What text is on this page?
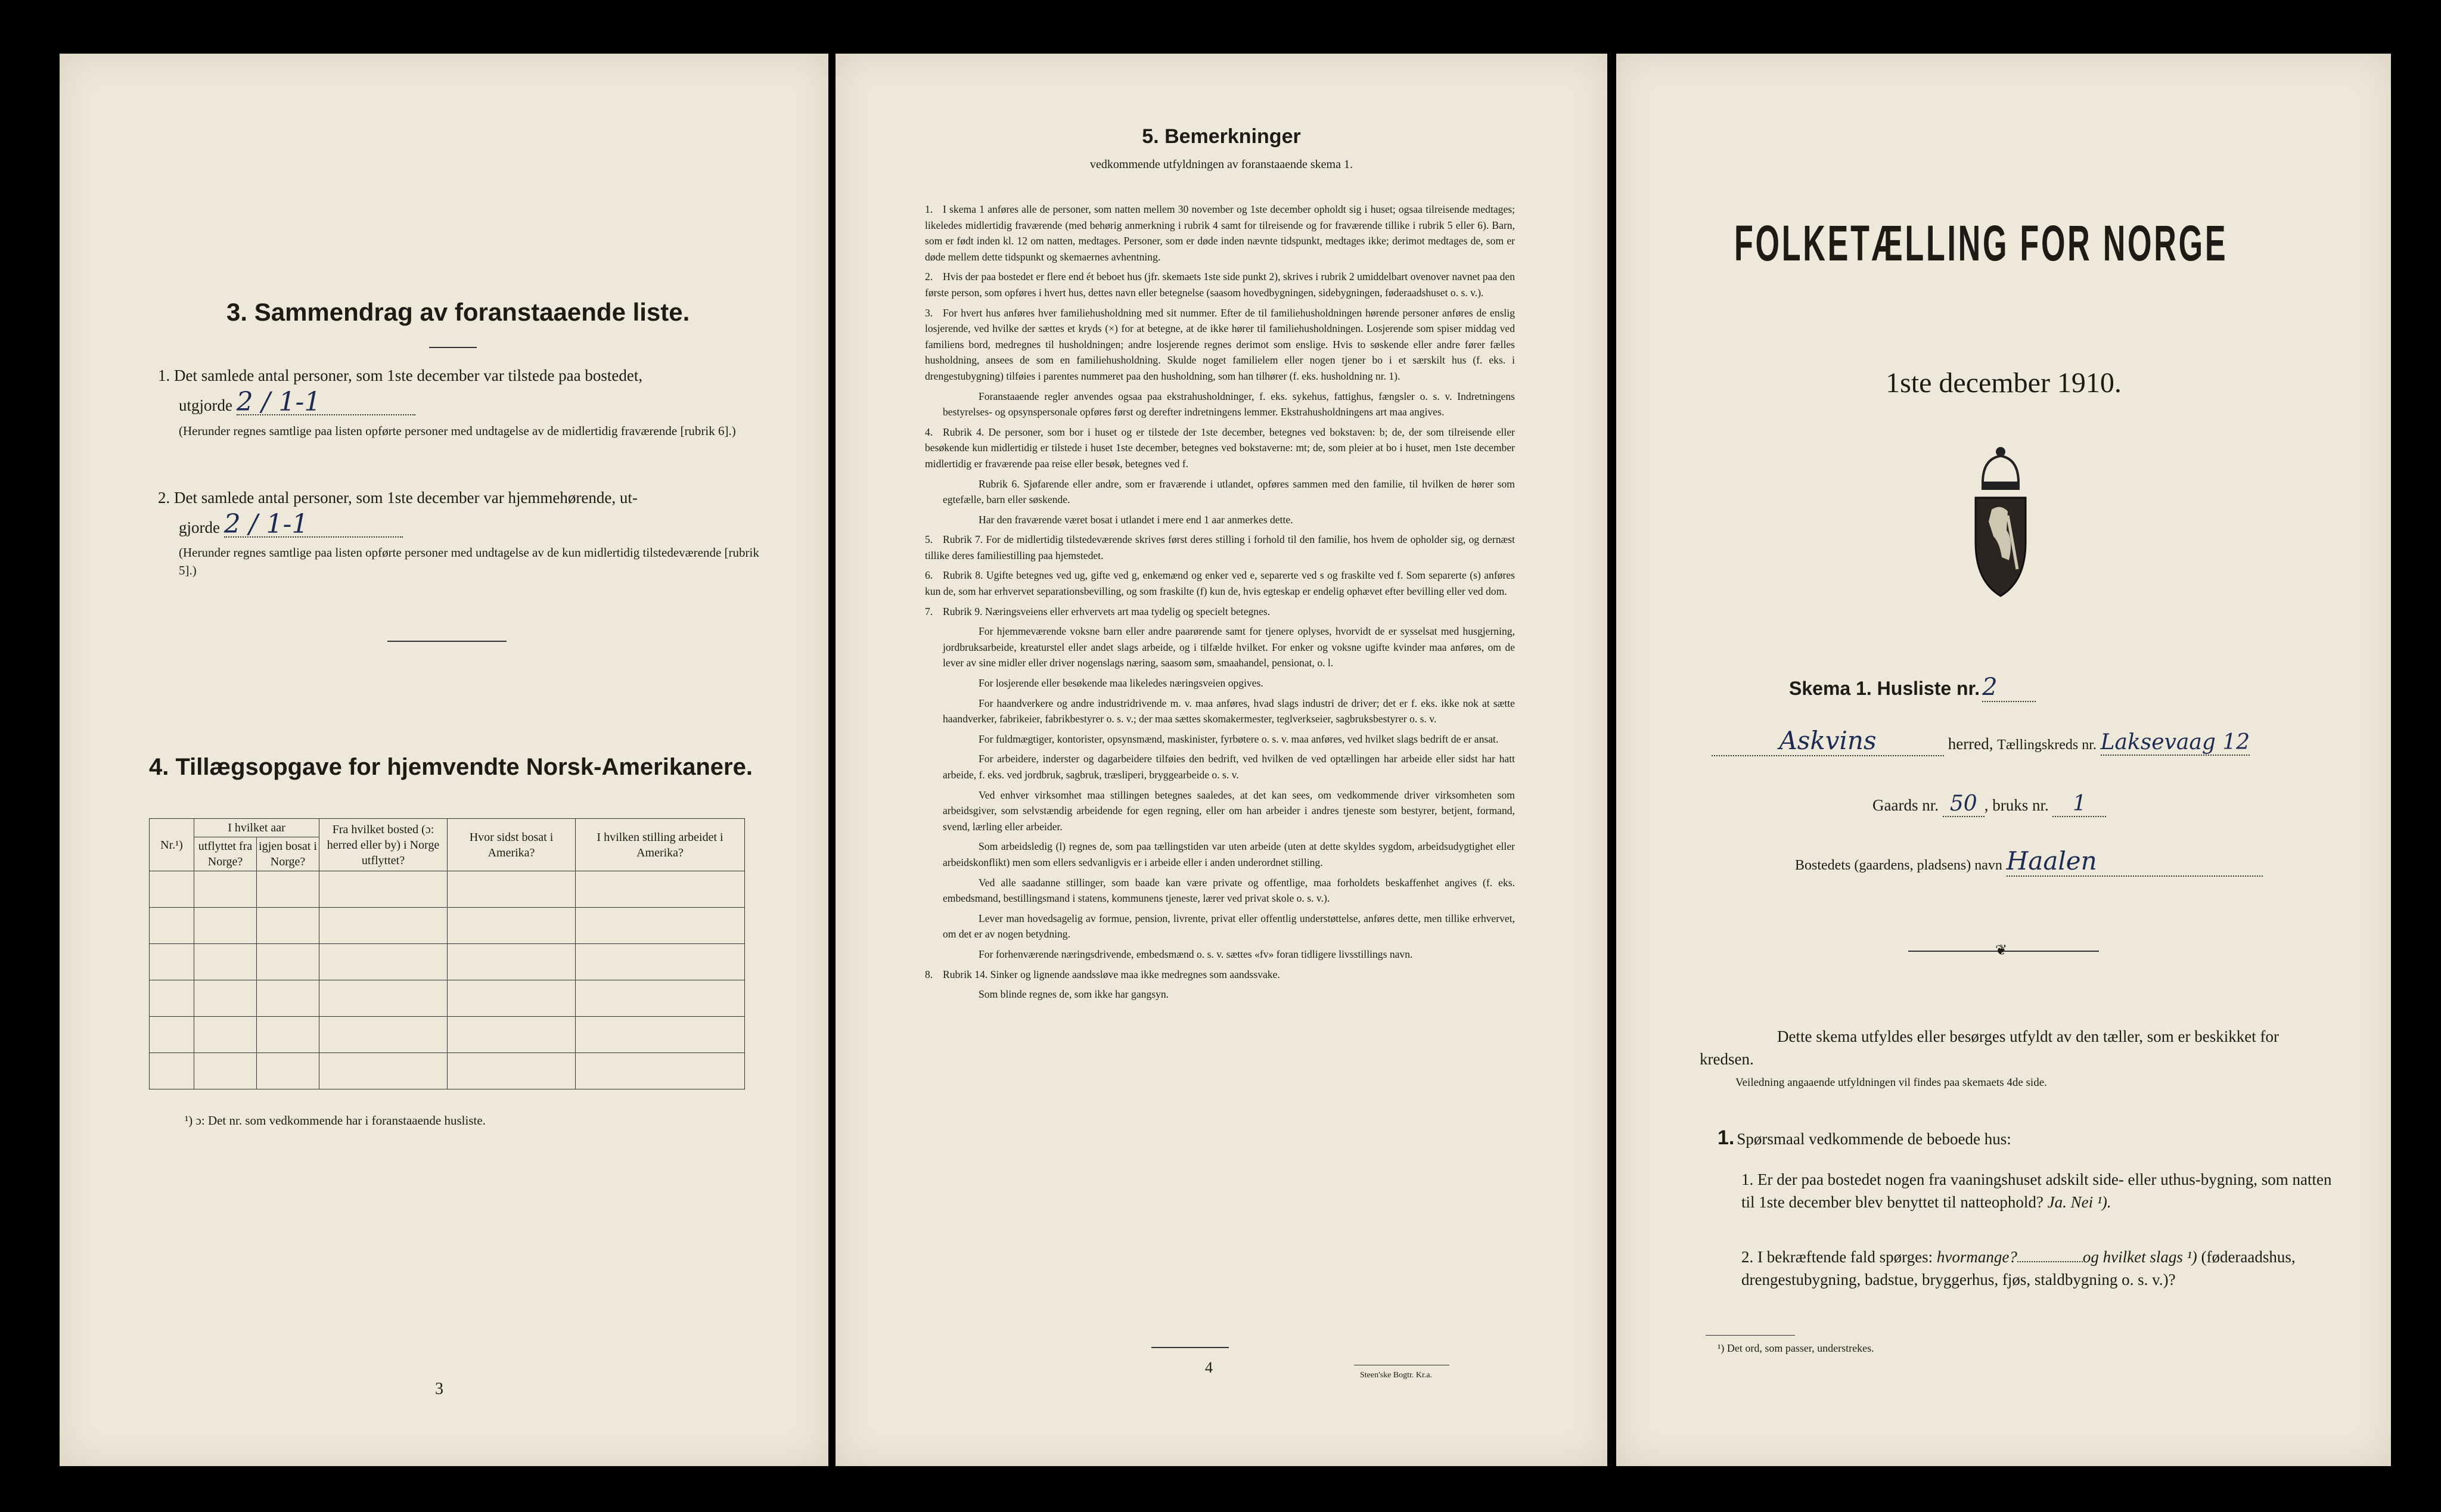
3. Sammendrag av foranstaaende liste.
1. Det samlede antal personer, som 1ste december var tilstede paa bostedet,
utgjorde 2 / 1-1
(Herunder regnes samtlige paa listen opførte personer med undtagelse av de midlertidig fraværende [rubrik 6].)
2. Det samlede antal personer, som 1ste december var hjemmehørende, ut-
gjorde 2 / 1-1
(Herunder regnes samtlige paa listen opførte personer med undtagelse av de kun midlertidig tilstedeværende [rubrik 5].)
4. Tillægsopgave for hjemvendte Norsk-Amerikanere.
Nr.¹)	I hvilket aar		Fra hvilket bosted (ɔ: herred eller by) i Norge utflyttet?	Hvor sidst bosat i Amerika?	I hvilken stilling arbeidet i Amerika?
	utflyttet fra Norge?	igjen bosat i Norge?			

¹) ɔ: Det nr. som vedkommende har i foranstaaende husliste.
3
5. Bemerkninger
vedkommende utfyldningen av foranstaaende skema 1.

1. I skema 1 anføres alle de personer, som natten mellem 30 november og 1ste december opholdt sig i huset; ogsaa tilreisende medtages; likeledes midlertidig fraværende (med behørig anmerkning i rubrik 4 samt for tilreisende og for fraværende tillike i rubrik 5 eller 6). Barn, som er født inden kl. 12 om natten, medtages. Personer, som er døde inden nævnte tidspunkt, medtages ikke; derimot medtages de, som er døde mellem dette tidspunkt og skemaernes avhentning.

2. Hvis der paa bostedet er flere end ét beboet hus (jfr. skemaets 1ste side punkt 2), skrives i rubrik 2 umiddelbart ovenover navnet paa den første person, som opføres i hvert hus, dettes navn eller betegnelse (saasom hovedbygningen, sidebygningen, føderaadshuset o. s. v.).

3. For hvert hus anføres hver familiehusholdning med sit nummer. Efter de til familiehusholdningen hørende personer anføres de enslig losjerende, ved hvilke der sættes et kryds (×) for at betegne, at de ikke hører til familiehusholdningen. Losjerende som spiser middag ved familiens bord, medregnes til husholdningen; andre losjerende regnes derimot som enslige. Hvis to søskende eller andre fører fælles husholdning, ansees de som en familiehusholdning. Skulde noget familielem eller nogen tjener bo i et særskilt hus (f. eks. i drengestubygning) tilføies i parentes nummeret paa den husholdning, som han tilhører (f. eks. husholdning nr. 1).

Foranstaaende regler anvendes ogsaa paa ekstrahusholdninger, f. eks. sykehus, fattighus, fængsler o. s. v. Indretningens bestyrelses- og opsynspersonale opføres først og derefter indretningens lemmer. Ekstrahusholdningens art maa angives.

4. Rubrik 4. De personer, som bor i huset og er tilstede der 1ste december, betegnes ved bokstaven: b; de, der som tilreisende eller besøkende kun midlertidig er tilstede i huset 1ste december, betegnes ved bokstaverne: mt; de, som pleier at bo i huset, men 1ste december midlertidig er fraværende paa reise eller besøk, betegnes ved f.

Rubrik 6. Sjøfarende eller andre, som er fraværende i utlandet, opføres sammen med den familie, til hvilken de hører som egtefælle, barn eller søskende.

Har den fraværende været bosat i utlandet i mere end 1 aar anmerkes dette.

5. Rubrik 7. For de midlertidig tilstedeværende skrives først deres stilling i forhold til den familie, hos hvem de opholder sig, og dernæst tillike deres familiestilling paa hjemstedet.

6. Rubrik 8. Ugifte betegnes ved ug, gifte ved g, enkemænd og enker ved e, separerte ved s og fraskilte ved f. Som separerte (s) anføres kun de, som har erhvervet separationsbevilling, og som fraskilte (f) kun de, hvis egteskap er endelig ophævet efter bevilling eller ved dom.

7. Rubrik 9. Næringsveiens eller erhvervets art maa tydelig og specielt betegnes.

For hjemmeværende voksne barn eller andre paarørende samt for tjenere oplyses, hvorvidt de er sysselsat med husgjerning, jordbruksarbeide, kreaturstel eller andet slags arbeide, og i tilfælde hvilket. For enker og voksne ugifte kvinder maa anføres, om de lever av sine midler eller driver nogenslags næring, saasom søm, smaahandel, pensionat, o. l.

For losjerende eller besøkende maa likeledes næringsveien opgives.

For haandverkere og andre industridrivende m. v. maa anføres, hvad slags industri de driver; det er f. eks. ikke nok at sætte haandverker, fabrikeier, fabrikbestyrer o. s. v.; der maa sættes skomakermester, teglverkseier, sagbruksbestyrer o. s. v.

For fuldmægtiger, kontorister, opsynsmænd, maskinister, fyrbøtere o. s. v. maa anføres, ved hvilket slags bedrift de er ansat.

For arbeidere, inderster og dagarbeidere tilføies den bedrift, ved hvilken de ved optællingen har arbeide eller sidst har hatt arbeide, f. eks. ved jordbruk, sagbruk, træsliperi, bryggearbeide o. s. v.

Ved enhver virksomhet maa stillingen betegnes saaledes, at det kan sees, om vedkommende driver virksomheten som arbeidsgiver, som selvstændig arbeidende for egen regning, eller om han arbeider i andres tjeneste som bestyrer, betjent, formand, svend, lærling eller arbeider.

Som arbeidsledig (l) regnes de, som paa tællingstiden var uten arbeide (uten at dette skyldes sygdom, arbeidsudygtighet eller arbeidskonflikt) men som ellers sedvanligvis er i arbeide eller i anden underordnet stilling.

Ved alle saadanne stillinger, som baade kan være private og offentlige, maa forholdets beskaffenhet angives (f. eks. embedsmand, bestillingsmand i statens, kommunens tjeneste, lærer ved privat skole o. s. v.).

Lever man hovedsagelig av formue, pension, livrente, privat eller offentlig understøttelse, anføres dette, men tillike erhvervet, om det er av nogen betydning.

For forhenværende næringsdrivende, embedsmænd o. s. v. sættes «fv» foran tidligere livsstillings navn.

8. Rubrik 14. Sinker og lignende aandssløve maa ikke medregnes som aandssvake.

Som blinde regnes de, som ikke har gangsyn.

4	Steen'ske Bogtr. Kr.a.
FOLKETÆLLING FOR NORGE
1ste december 1910.
Skema 1. Husliste nr. 2
Askvins	herred, Tællingskreds nr. Laksevaag 12
Gaards nr. 50 , bruks nr. 1
Bostedets (gaardens, pladsens) navn Haalen
❦
Dette skema utfyldes eller besørges utfyldt av den tæller, som er beskikket for kredsen.
Veiledning angaaende utfyldningen vil findes paa skemaets 4de side.
1. Spørsmaal vedkommende de beboede hus:
1. Er der paa bostedet nogen fra vaaningshuset adskilt side- eller uthus-bygning, som natten til 1ste december blev benyttet til natteophold? Ja. Nei ¹).
2. I bekræftende fald spørges: hvormange?	og hvilket slags ¹) (føderaadshus, drengestubygning, badstue, bryggerhus, fjøs, staldbygning o. s. v.)?
¹) Det ord, som passer, understrekes.
